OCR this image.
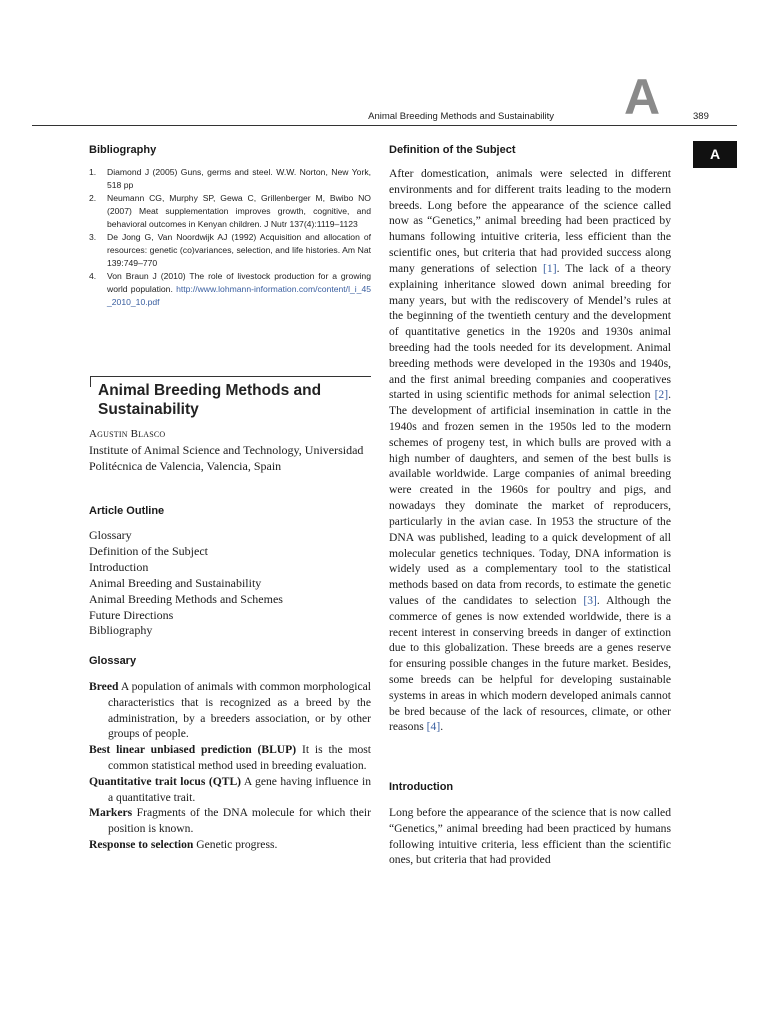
Animal Breeding Methods and Sustainability A	389
A
Bibliography
1. Diamond J (2005) Guns, germs and steel. W.W. Norton, New York, 518 pp
2. Neumann CG, Murphy SP, Gewa C, Grillenberger M, Bwibo NO (2007) Meat supplementation improves growth, cognitive, and behavioral outcomes in Kenyan children. J Nutr 137(4):1119–1123
3. De Jong G, Van Noordwijk AJ (1992) Acquisition and allocation of resources: genetic (co)variances, selection, and life histories. Am Nat 139:749–770
4. Von Braun J (2010) The role of livestock production for a growing world population. http://www.lohmann-information.com/content/l_i_45_2010_10.pdf
Animal Breeding Methods and Sustainability
Agustin Blasco
Institute of Animal Science and Technology, Universidad Politécnica de Valencia, Valencia, Spain
Article Outline
Glossary
Definition of the Subject
Introduction
Animal Breeding and Sustainability
Animal Breeding Methods and Schemes
Future Directions
Bibliography
Glossary
Breed A population of animals with common morphological characteristics that is recognized as a breed by the administration, by a breeders association, or by other groups of people.
Best linear unbiased prediction (BLUP) It is the most common statistical method used in breeding evaluation.
Quantitative trait locus (QTL) A gene having influence in a quantitative trait.
Markers Fragments of the DNA molecule for which their position is known.
Response to selection Genetic progress.
Definition of the Subject

After domestication, animals were selected in different environments and for different traits leading to the modern breeds. Long before the appearance of the science called now as “Genetics,” animal breeding had been practiced by humans following intuitive criteria, less efficient than the scientific ones, but criteria that had provided success along many generations of selection [1]. The lack of a theory explaining inheritance slowed down animal breeding for many years, but with the rediscovery of Mendel’s rules at the beginning of the twentieth century and the development of quantitative genetics in the 1920s and 1930s animal breeding had the tools needed for its development. Animal breeding methods were developed in the 1930s and 1940s, and the first animal breeding companies and cooperatives started in using scientific methods for animal selection [2]. The development of artificial insemination in cattle in the 1940s and frozen semen in the 1950s led to the modern schemes of progeny test, in which bulls are proved with a high number of daughters, and semen of the best bulls is available worldwide. Large companies of animal breeding were created in the 1960s for poultry and pigs, and nowadays they dominate the market of reproducers, particularly in the avian case. In 1953 the structure of the DNA was published, leading to a quick development of all molecular genetics techniques. Today, DNA information is widely used as a complementary tool to the statistical methods based on data from records, to estimate the genetic values of the candidates to selection [3]. Although the commerce of genes is now extended worldwide, there is a recent interest in conserving breeds in danger of extinction due to this globalization. These breeds are a genes reserve for ensuring possible changes in the future market. Besides, some breeds can be helpful for developing sustainable systems in areas in which modern developed animals cannot be bred because of the lack of resources, climate, or other reasons [4].

Introduction

Long before the appearance of the science that is now called “Genetics,” animal breeding had been practiced by humans following intuitive criteria, less efficient than the scientific ones, but criteria that had provided
